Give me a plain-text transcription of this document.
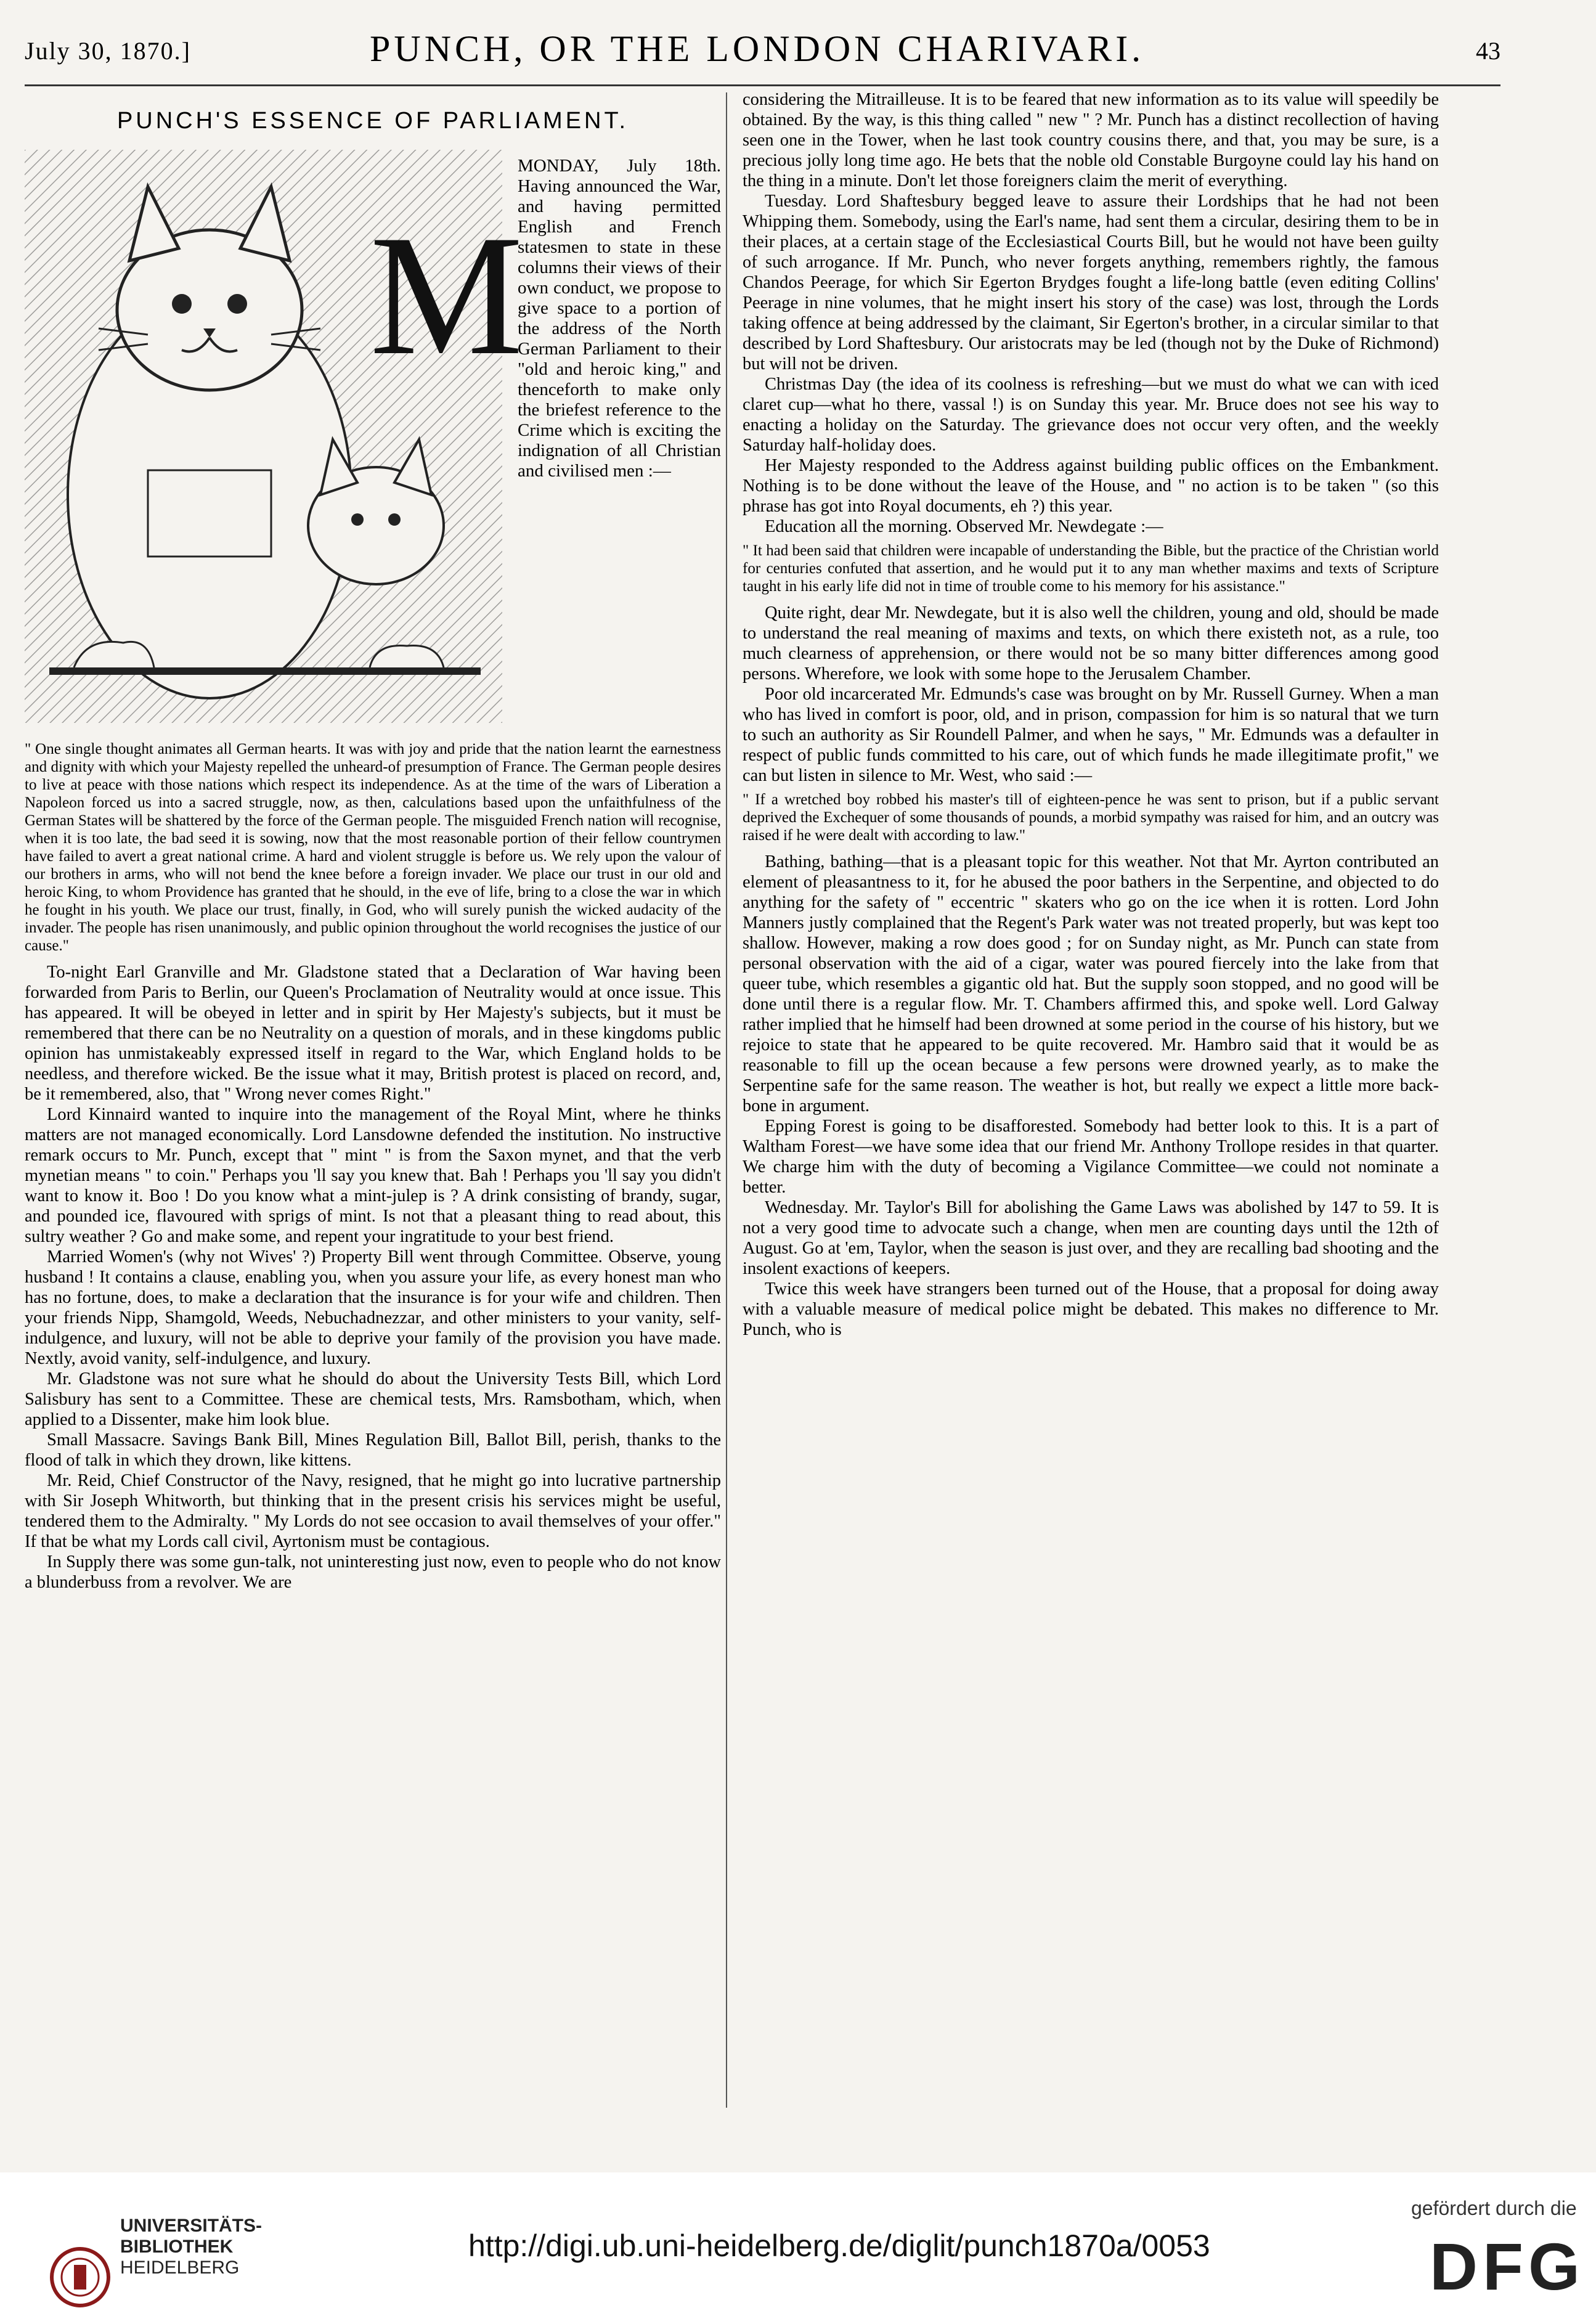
July 30, 1870.]	PUNCH, OR THE LONDON CHARIVARI.	43
PUNCH'S ESSENCE OF PARLIAMENT.
M
MONDAY, July 18th. Having announced the War, and having permitted English and French statesmen to state in these columns their views of their own conduct, we propose to give space to a portion of the address of the North German Parliament to their "old and heroic king," and thenceforth to make only the briefest reference to the Crime which is exciting the indignation of all Christian and civilised men :—
" One single thought animates all German hearts. It was with joy and pride that the nation learnt the earnestness and dignity with which your Majesty repelled the unheard-of presumption of France. The German people desires to live at peace with those nations which respect its independence. As at the time of the wars of Liberation a Napoleon forced us into a sacred struggle, now, as then, calculations based upon the unfaithfulness of the German States will be shattered by the force of the German people. The misguided French nation will recognise, when it is too late, the bad seed it is sowing, now that the most reasonable portion of their fellow countrymen have failed to avert a great national crime. A hard and violent struggle is before us. We rely upon the valour of our brothers in arms, who will not bend the knee before a foreign invader. We place our trust in our old and heroic King, to whom Providence has granted that he should, in the eve of life, bring to a close the war in which he fought in his youth. We place our trust, finally, in God, who will surely punish the wicked audacity of the invader. The people has risen unanimously, and public opinion throughout the world recognises the justice of our cause."

To-night Earl Granville and Mr. Gladstone stated that a Declaration of War having been forwarded from Paris to Berlin, our Queen's Proclamation of Neutrality would at once issue. This has appeared. It will be obeyed in letter and in spirit by Her Majesty's subjects, but it must be remembered that there can be no Neutrality on a question of morals, and in these kingdoms public opinion has unmistakeably expressed itself in regard to the War, which England holds to be needless, and therefore wicked. Be the issue what it may, British protest is placed on record, and, be it remembered, also, that " Wrong never comes Right."

Lord Kinnaird wanted to inquire into the management of the Royal Mint, where he thinks matters are not managed economically. Lord Lansdowne defended the institution. No instructive remark occurs to Mr. Punch, except that " mint " is from the Saxon mynet, and that the verb mynetian means " to coin." Perhaps you 'll say you knew that. Bah ! Perhaps you 'll say you didn't want to know it. Boo ! Do you know what a mint-julep is ? A drink consisting of brandy, sugar, and pounded ice, flavoured with sprigs of mint. Is not that a pleasant thing to read about, this sultry weather ? Go and make some, and repent your ingratitude to your best friend.

Married Women's (why not Wives' ?) Property Bill went through Committee. Observe, young husband ! It contains a clause, enabling you, when you assure your life, as every honest man who has no fortune, does, to make a declaration that the insurance is for your wife and children. Then your friends Nipp, Shamgold, Weeds, Nebuchadnezzar, and other ministers to your vanity, self-indulgence, and luxury, will not be able to deprive your family of the provision you have made. Nextly, avoid vanity, self-indulgence, and luxury.

Mr. Gladstone was not sure what he should do about the University Tests Bill, which Lord Salisbury has sent to a Committee. These are chemical tests, Mrs. Ramsbotham, which, when applied to a Dissenter, make him look blue.

Small Massacre. Savings Bank Bill, Mines Regulation Bill, Ballot Bill, perish, thanks to the flood of talk in which they drown, like kittens.

Mr. Reid, Chief Constructor of the Navy, resigned, that he might go into lucrative partnership with Sir Joseph Whitworth, but thinking that in the present crisis his services might be useful, tendered them to the Admiralty. " My Lords do not see occasion to avail themselves of your offer." If that be what my Lords call civil, Ayrtonism must be contagious.

In Supply there was some gun-talk, not uninteresting just now, even to people who do not know a blunderbuss from a revolver. We are

considering the Mitrailleuse. It is to be feared that new information as to its value will speedily be obtained. By the way, is this thing called " new " ? Mr. Punch has a distinct recollection of having seen one in the Tower, when he last took country cousins there, and that, you may be sure, is a precious jolly long time ago. He bets that the noble old Constable Burgoyne could lay his hand on the thing in a minute. Don't let those foreigners claim the merit of everything.

Tuesday. Lord Shaftesbury begged leave to assure their Lordships that he had not been Whipping them. Somebody, using the Earl's name, had sent them a circular, desiring them to be in their places, at a certain stage of the Ecclesiastical Courts Bill, but he would not have been guilty of such arrogance. If Mr. Punch, who never forgets anything, remembers rightly, the famous Chandos Peerage, for which Sir Egerton Brydges fought a life-long battle (even editing Collins' Peerage in nine volumes, that he might insert his story of the case) was lost, through the Lords taking offence at being addressed by the claimant, Sir Egerton's brother, in a circular similar to that described by Lord Shaftesbury. Our aristocrats may be led (though not by the Duke of Richmond) but will not be driven.

Christmas Day (the idea of its coolness is refreshing—but we must do what we can with iced claret cup—what ho there, vassal !) is on Sunday this year. Mr. Bruce does not see his way to enacting a holiday on the Saturday. The grievance does not occur very often, and the weekly Saturday half-holiday does.

Her Majesty responded to the Address against building public offices on the Embankment. Nothing is to be done without the leave of the House, and " no action is to be taken " (so this phrase has got into Royal documents, eh ?) this year.

Education all the morning. Observed Mr. Newdegate :—

" It had been said that children were incapable of understanding the Bible, but the practice of the Christian world for centuries confuted that assertion, and he would put it to any man whether maxims and texts of Scripture taught in his early life did not in time of trouble come to his memory for his assistance."

Quite right, dear Mr. Newdegate, but it is also well the children, young and old, should be made to understand the real meaning of maxims and texts, on which there existeth not, as a rule, too much clearness of apprehension, or there would not be so many bitter differences among good persons. Wherefore, we look with some hope to the Jerusalem Chamber.

Poor old incarcerated Mr. Edmunds's case was brought on by Mr. Russell Gurney. When a man who has lived in comfort is poor, old, and in prison, compassion for him is so natural that we turn to such an authority as Sir Roundell Palmer, and when he says, " Mr. Edmunds was a defaulter in respect of public funds committed to his care, out of which funds he made illegitimate profit," we can but listen in silence to Mr. West, who said :—

" If a wretched boy robbed his master's till of eighteen-pence he was sent to prison, but if a public servant deprived the Exchequer of some thousands of pounds, a morbid sympathy was raised for him, and an outcry was raised if he were dealt with according to law."

Bathing, bathing—that is a pleasant topic for this weather. Not that Mr. Ayrton contributed an element of pleasantness to it, for he abused the poor bathers in the Serpentine, and objected to do anything for the safety of " eccentric " skaters who go on the ice when it is rotten. Lord John Manners justly complained that the Regent's Park water was not treated properly, but was kept too shallow. However, making a row does good ; for on Sunday night, as Mr. Punch can state from personal observation with the aid of a cigar, water was poured fiercely into the lake from that queer tube, which resembles a gigantic old hat. But the supply soon stopped, and no good will be done until there is a regular flow. Mr. T. Chambers affirmed this, and spoke well. Lord Galway rather implied that he himself had been drowned at some period in the course of his history, but we rejoice to state that he appeared to be quite recovered. Mr. Hambro said that it would be as reasonable to fill up the ocean because a few persons were drowned yearly, as to make the Serpentine safe for the same reason. The weather is hot, but really we expect a little more back-bone in argument.

Epping Forest is going to be disafforested. Somebody had better look to this. It is a part of Waltham Forest—we have some idea that our friend Mr. Anthony Trollope resides in that quarter. We charge him with the duty of becoming a Vigilance Committee—we could not nominate a better.

Wednesday. Mr. Taylor's Bill for abolishing the Game Laws was abolished by 147 to 59. It is not a very good time to advocate such a change, when men are counting days until the 12th of August. Go at 'em, Taylor, when the season is just over, and they are recalling bad shooting and the insolent exactions of keepers.

Twice this week have strangers been turned out of the House, that a proposal for doing away with a valuable measure of medical police might be debated. This makes no difference to Mr. Punch, who is

UNIVERSITÄTS-
BIBLIOTHEK
HEIDELBERG
http://digi.ub.uni-heidelberg.de/diglit/punch1870a/0053
gefördert durch die
DFG
